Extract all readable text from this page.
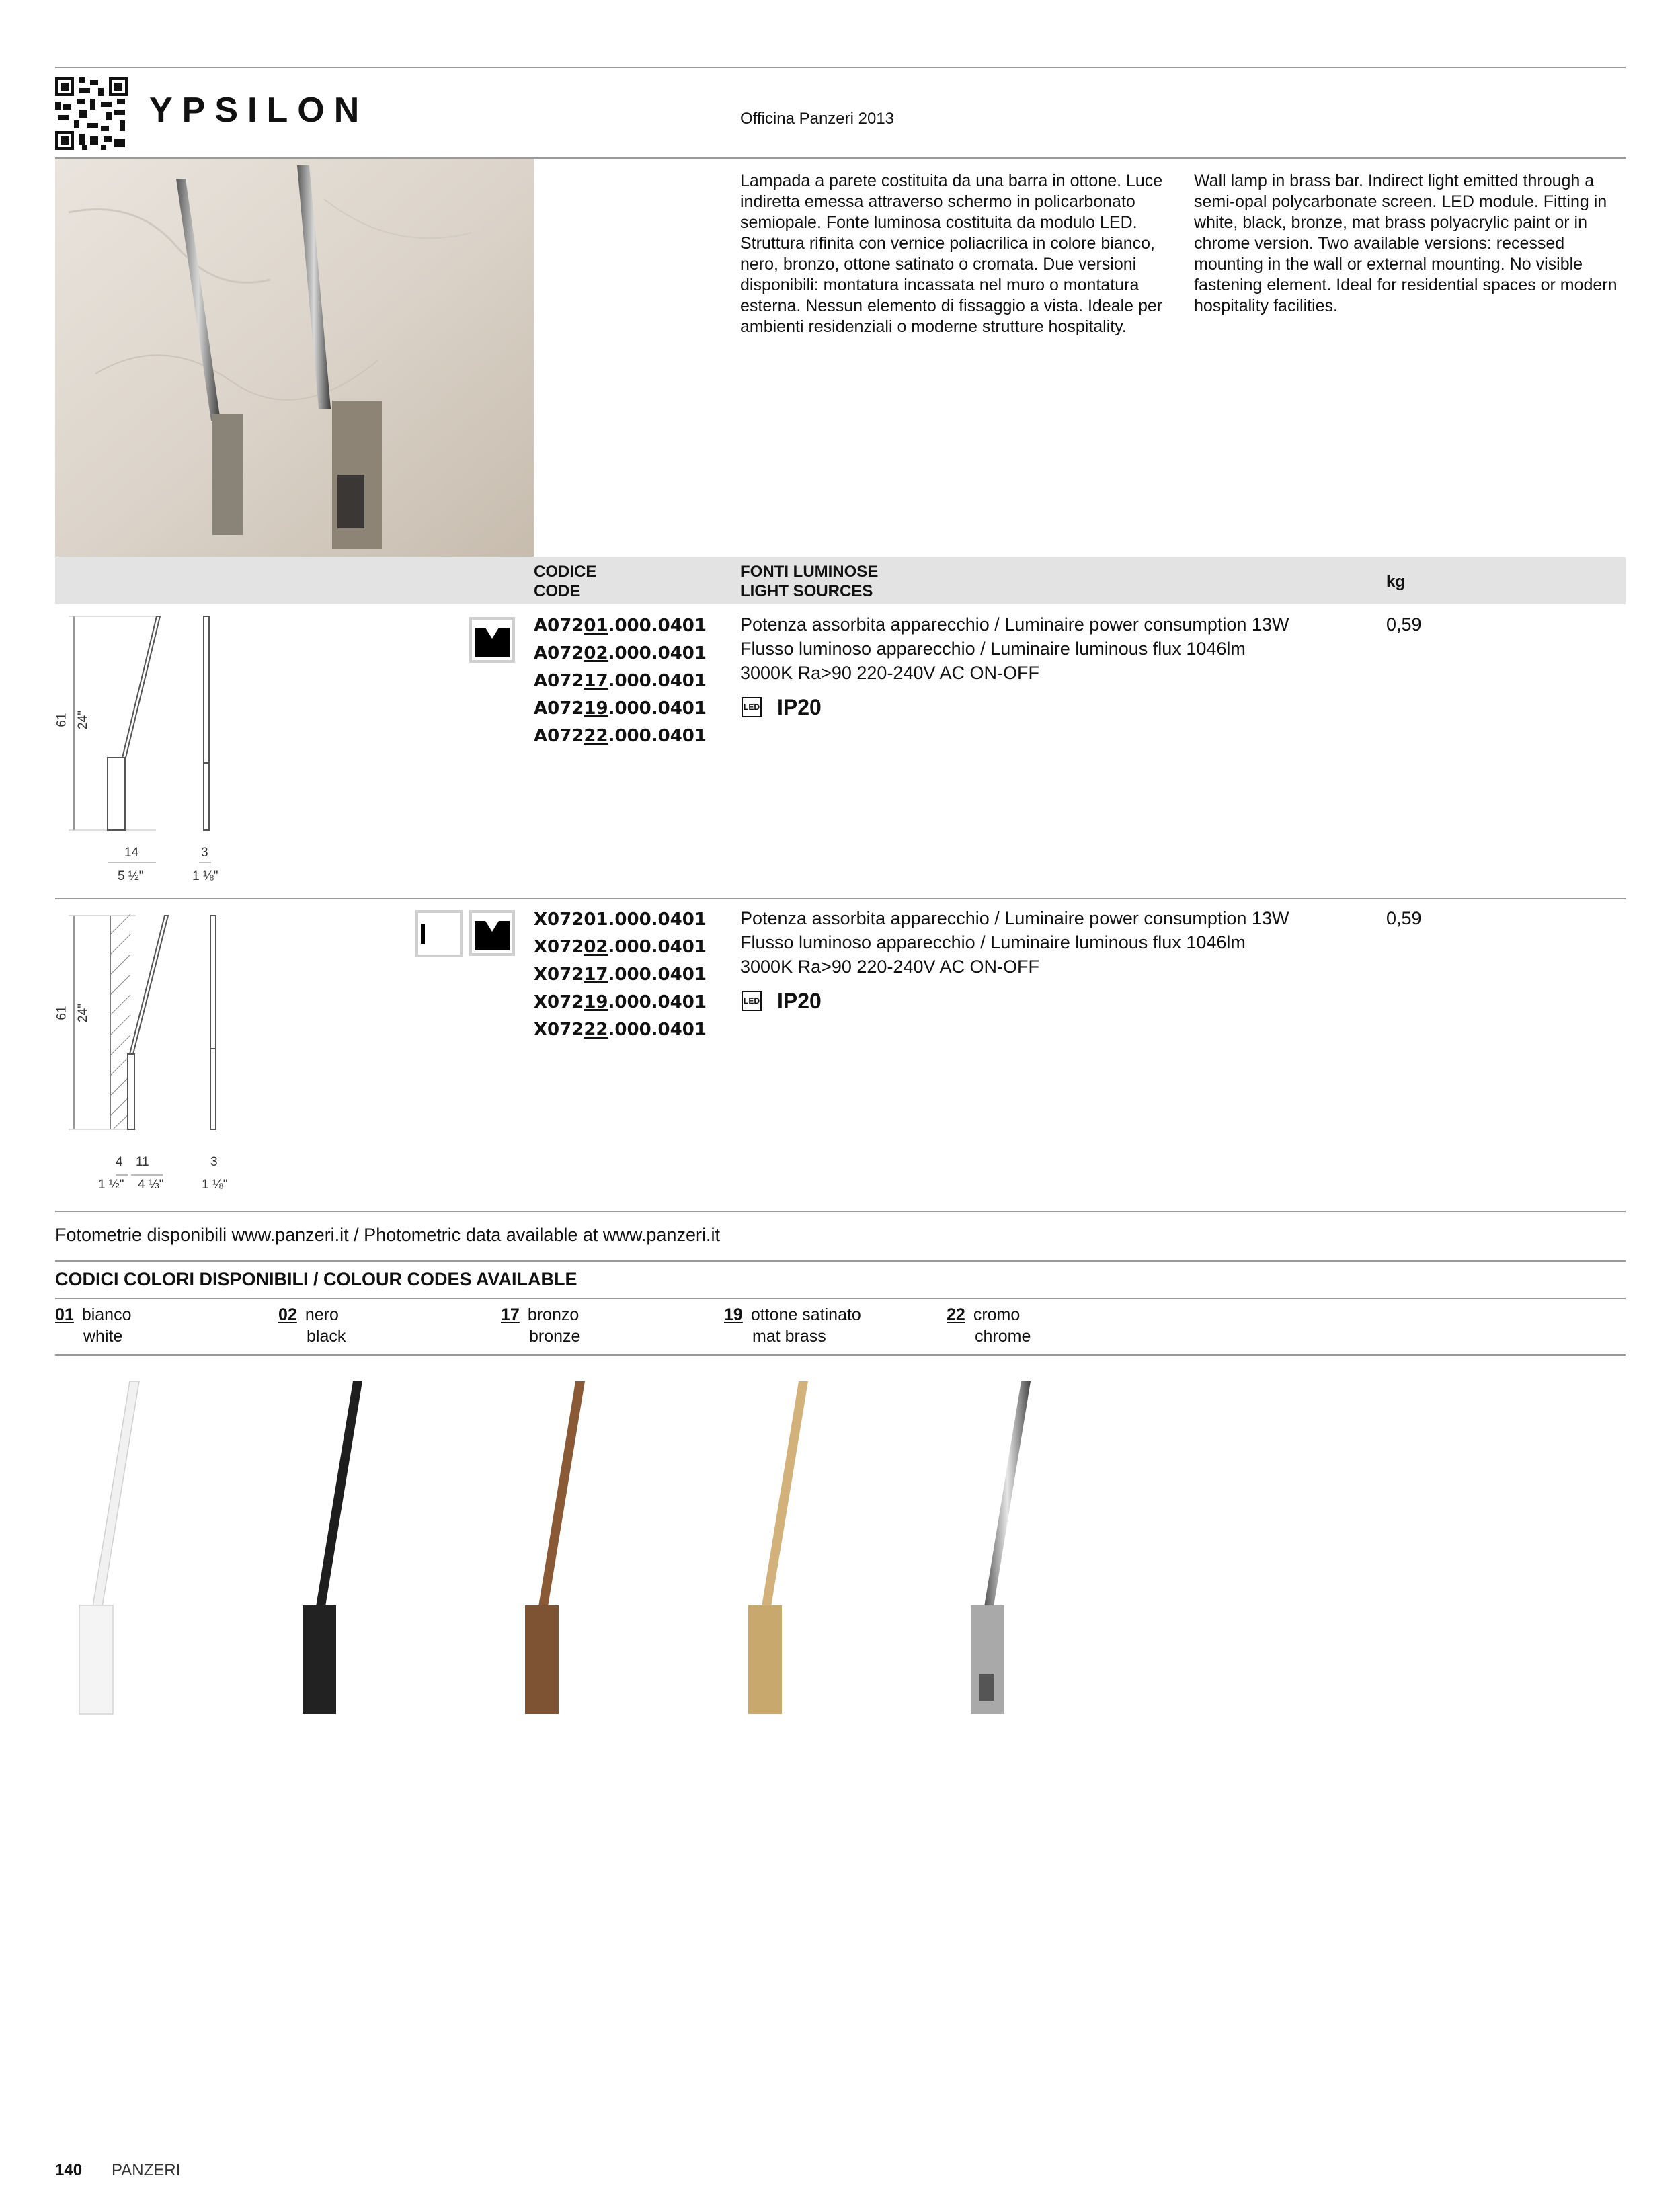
YPSILON	Officina Panzeri 2013
Lampada a parete costituita da una barra in ottone. Luce indiretta emessa attraverso schermo in policarbonato semiopale. Fonte luminosa costituita da modulo LED. Struttura rifinita con vernice poliacrilica in colore bianco, nero, bronzo, ottone satinato o cromata. Due versioni disponibili: montatura incassata nel muro o montatura esterna. Nessun elemento di fissaggio a vista. Ideale per ambienti residenziali o moderne strutture hospitality.
Wall lamp in brass bar. Indirect light emitted through a semi-opal polycarbonate screen. LED module. Fitting in white, black, bronze, mat brass polyacrylic paint or in chrome version. Two available versions: recessed mounting in the wall or external mounting. No visible fastening element. Ideal for residential spaces or modern hospitality facilities.
CODICE
CODE
FONTI LUMINOSE
LIGHT SOURCES
kg
61 24"
14
5 ½"
3
1 ⅛"
A07201.000.0401
A07202.000.0401
A07217.000.0401
A07219.000.0401
A07222.000.0401
Potenza assorbita apparecchio / Luminaire power consumption 13W
Flusso luminoso apparecchio / Luminaire luminous flux 1046lm
3000K Ra>90 220-240V AC ON-OFF
LED IP20
0,59
61 24"
4
1 ½"
11
4 ⅓"
3
1 ⅛"
X07201.000.0401
X07202.000.0401
X07217.000.0401
X07219.000.0401
X07222.000.0401
Potenza assorbita apparecchio / Luminaire power consumption 13W
Flusso luminoso apparecchio / Luminaire luminous flux 1046lm
3000K Ra>90 220-240V AC ON-OFF
LED IP20
0,59
Fotometrie disponibili www.panzeri.it / Photometric data available at www.panzeri.it
CODICI COLORI DISPONIBILI / COLOUR CODES AVAILABLE
01 bianco
white
02 nero
black
17 bronzo
bronze
19 ottone satinato
mat brass
22 cromo
chrome
140 PANZERI
